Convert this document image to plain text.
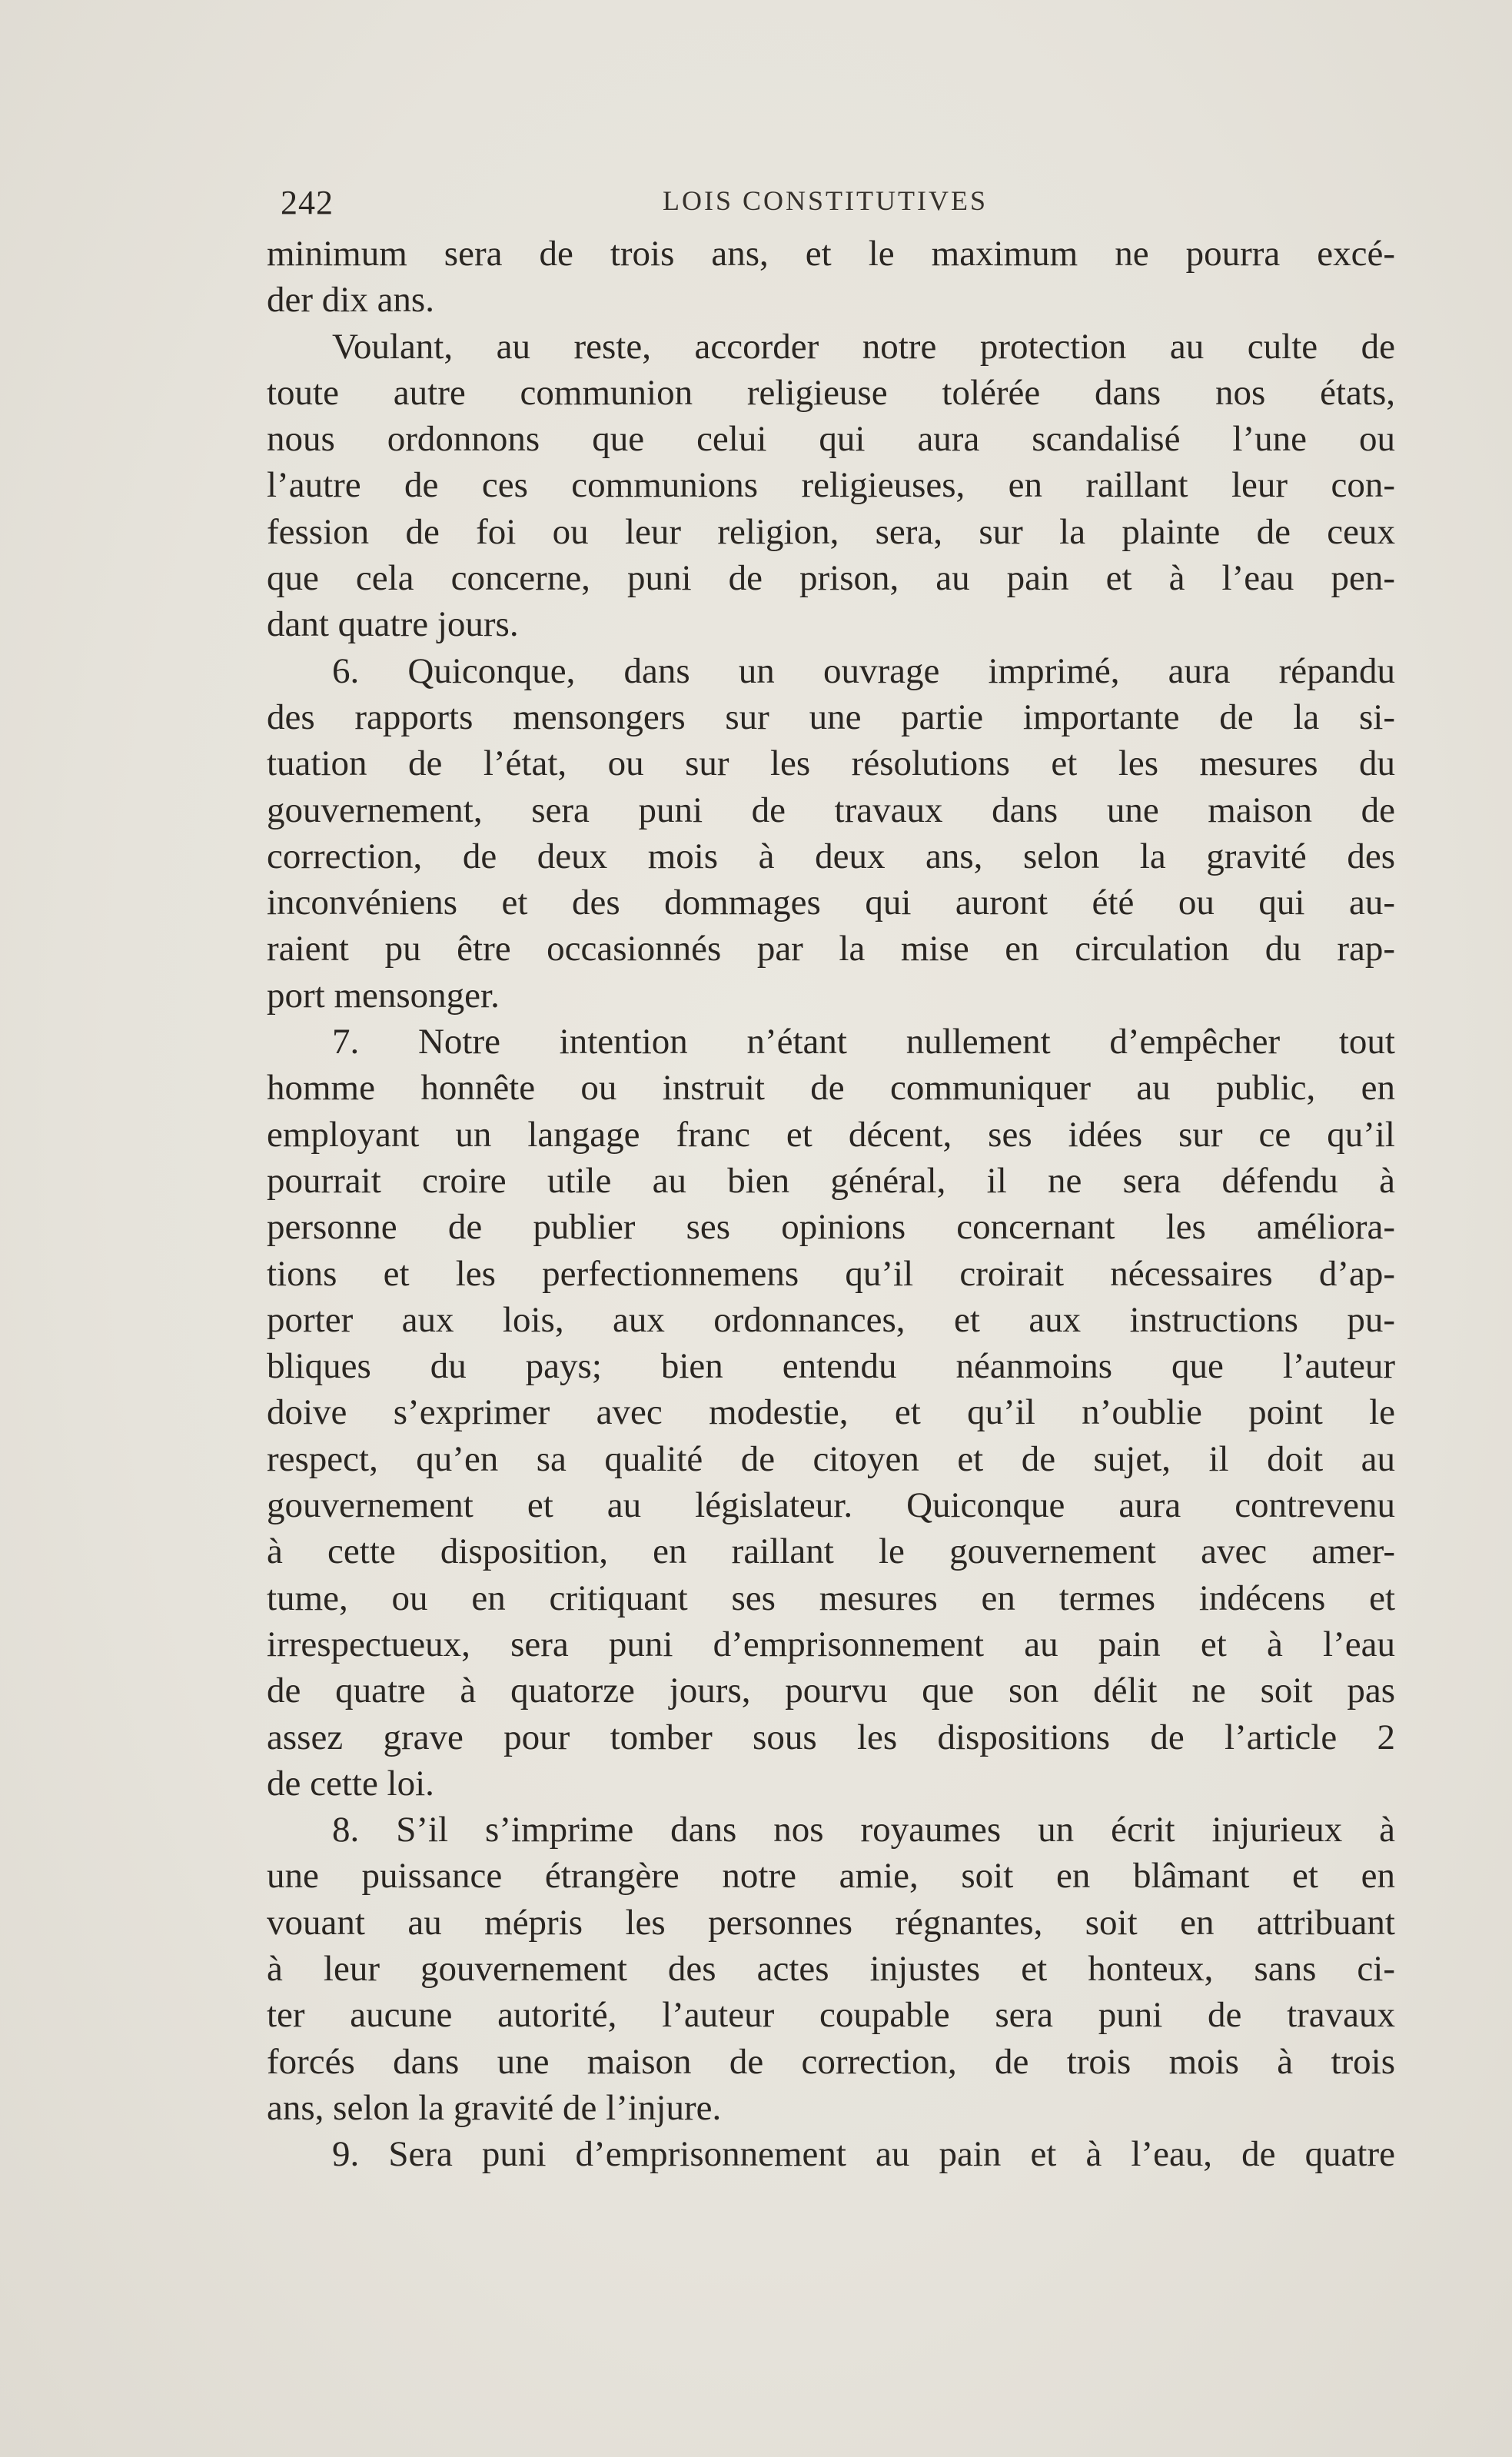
242	LOIS CONSTITUTIVES
minimum sera de trois ans, et le maximum ne pourra excé-
der dix ans.
Voulant, au reste, accorder notre protection au culte de
toute autre communion religieuse tolérée dans nos états,
nous ordonnons que celui qui aura scandalisé l’une ou
l’autre de ces communions religieuses, en raillant leur con-
fession de foi ou leur religion, sera, sur la plainte de ceux
que cela concerne, puni de prison, au pain et à l’eau pen-
dant quatre jours.
6. Quiconque, dans un ouvrage imprimé, aura répandu
des rapports mensongers sur une partie importante de la si-
tuation de l’état, ou sur les résolutions et les mesures du
gouvernement, sera puni de travaux dans une maison de
correction, de deux mois à deux ans, selon la gravité des
inconvéniens et des dommages qui auront été ou qui au-
raient pu être occasionnés par la mise en circulation du rap-
port mensonger.
7. Notre intention n’étant nullement d’empêcher tout
homme honnête ou instruit de communiquer au public, en
employant un langage franc et décent, ses idées sur ce qu’il
pourrait croire utile au bien général, il ne sera défendu à
personne de publier ses opinions concernant les améliora-
tions et les perfectionnemens qu’il croirait nécessaires d’ap-
porter aux lois, aux ordonnances, et aux instructions pu-
bliques du pays; bien entendu néanmoins que l’auteur
doive s’exprimer avec modestie, et qu’il n’oublie point le
respect, qu’en sa qualité de citoyen et de sujet, il doit au
gouvernement et au législateur. Quiconque aura contrevenu
à cette disposition, en raillant le gouvernement avec amer-
tume, ou en critiquant ses mesures en termes indécens et
irrespectueux, sera puni d’emprisonnement au pain et à l’eau
de quatre à quatorze jours, pourvu que son délit ne soit pas
assez grave pour tomber sous les dispositions de l’article 2
de cette loi.
8. S’il s’imprime dans nos royaumes un écrit injurieux à
une puissance étrangère notre amie, soit en blâmant et en
vouant au mépris les personnes régnantes, soit en attribuant
à leur gouvernement des actes injustes et honteux, sans ci-
ter aucune autorité, l’auteur coupable sera puni de travaux
forcés dans une maison de correction, de trois mois à trois
ans, selon la gravité de l’injure.
9. Sera puni d’emprisonnement au pain et à l’eau, de quatre
